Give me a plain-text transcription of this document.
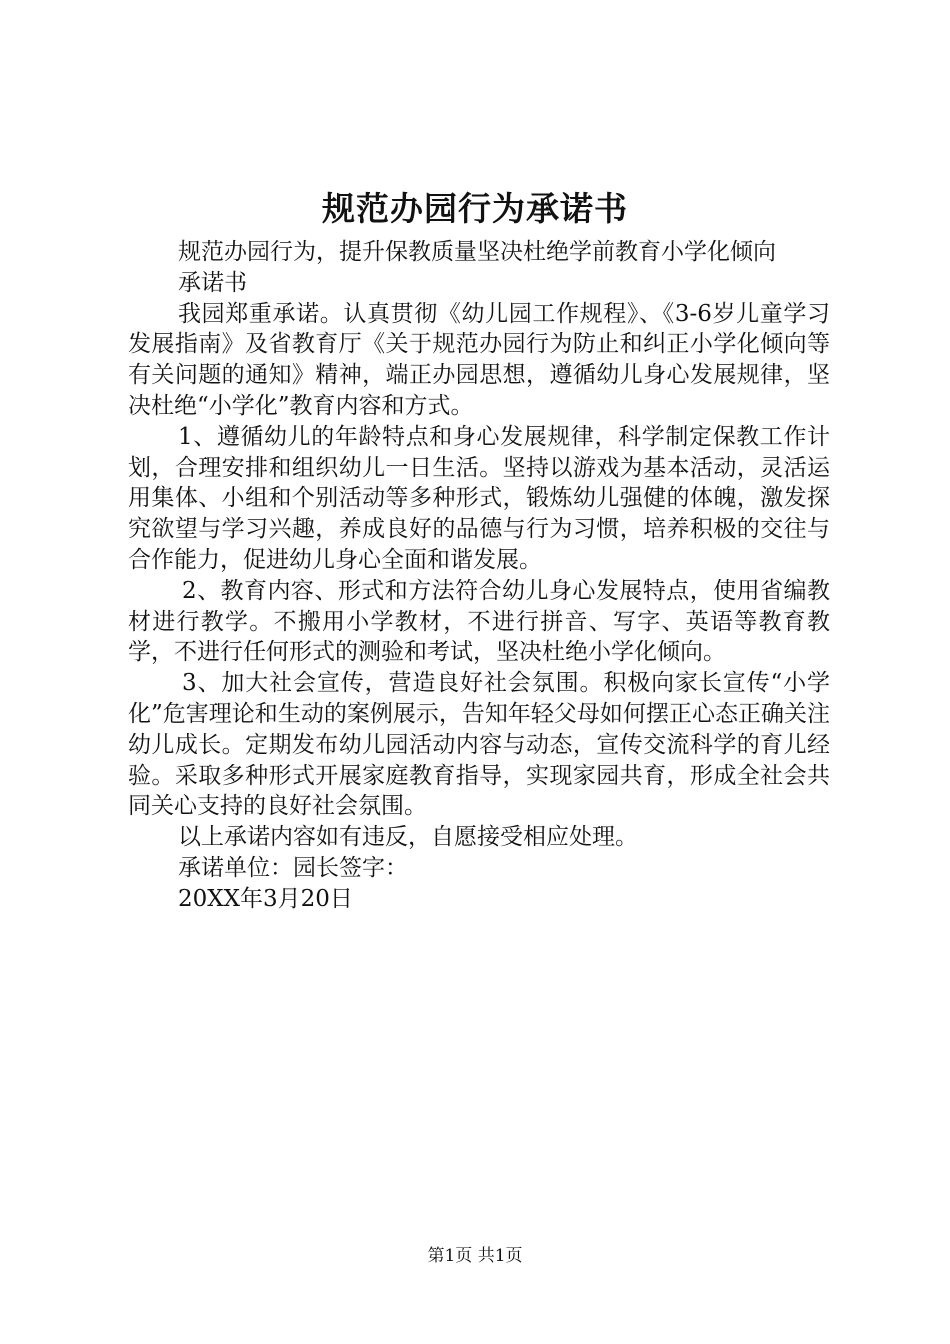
规范办园行为承诺书

规范办园行为，提升保教质量坚决杜绝学前教育小学化倾向

承诺书

我园郑重承诺。认真贯彻《幼儿园工作规程》、《3-6岁儿童学习发展指南》及省教育厅《关于规范办园行为防止和纠正小学化倾向等有关问题的通知》精神，端正办园思想，遵循幼儿身心发展规律，坚决杜绝“小学化”教育内容和方式。

1、遵循幼儿的年龄特点和身心发展规律，科学制定保教工作计划，合理安排和组织幼儿一日生活。坚持以游戏为基本活动，灵活运用集体、小组和个别活动等多种形式，锻炼幼儿强健的体魄，激发探究欲望与学习兴趣，养成良好的品德与行为习惯，培养积极的交往与合作能力，促进幼儿身心全面和谐发展。

2、教育内容、形式和方法符合幼儿身心发展特点，使用省编教材进行教学。不搬用小学教材，不进行拼音、写字、英语等教育教学，不进行任何形式的测验和考试，坚决杜绝小学化倾向。

3、加大社会宣传，营造良好社会氛围。积极向家长宣传“小学化”危害理论和生动的案例展示，告知年轻父母如何摆正心态正确关注幼儿成长。定期发布幼儿园活动内容与动态，宣传交流科学的育儿经验。采取多种形式开展家庭教育指导，实现家园共育，形成全社会共同关心支持的良好社会氛围。

以上承诺内容如有违反，自愿接受相应处理。

承诺单位：园长签字：

20XX年3月20日

第1页 共1页
